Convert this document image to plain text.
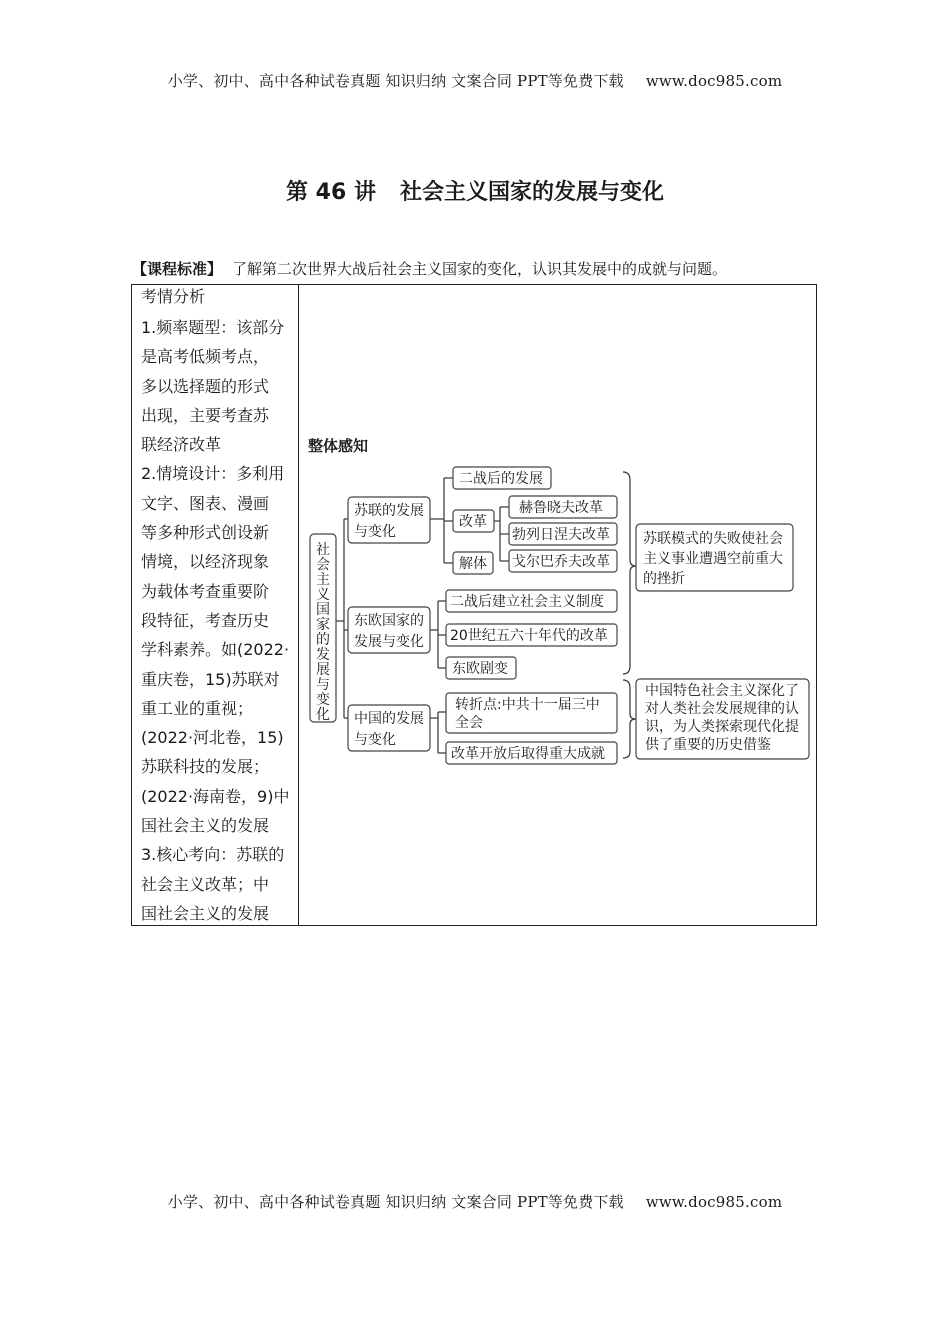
小学、初中、高中各种试卷真题 知识归纳 文案合同 PPT等免费下载 www.doc985.com
第 46 讲 社会主义国家的发展与变化
【课程标准】 了解第二次世界大战后社会主义国家的变化，认识其发展中的成就与问题。
考情分析
1.频率题型：该部分
是高考低频考点，
多以选择题的形式
出现，主要考查苏
联经济改革
2.情境设计：多利用
文字、图表、漫画
等多种形式创设新
情境，以经济现象
为载体考查重要阶
段特征，考查历史
学科素养。如(2022·
重庆卷，15)苏联对
重工业的重视；
(2022·河北卷，15)
苏联科技的发展；
(2022·海南卷，9)中
国社会主义的发展
3.核心考向：苏联的
社会主义改革；中
国社会主义的发展
整体感知
社
会
主
义
国
家
的
发
展
与
变
化
苏联的发展
与变化
东欧国家的
发展与变化
中国的发展
与变化
二战后的发展
改革
解体
赫鲁晓夫改革
勃列日涅夫改革
戈尔巴乔夫改革
二战后建立社会主义制度
20世纪五六十年代的改革
东欧剧变
转折点:中共十一届三中
全会
改革开放后取得重大成就
苏联模式的失败使社会
主义事业遭遇空前重大
的挫折
中国特色社会主义深化了
对人类社会发展规律的认
识，为人类探索现代化提
供了重要的历史借鉴
小学、初中、高中各种试卷真题 知识归纳 文案合同 PPT等免费下载 www.doc985.com
